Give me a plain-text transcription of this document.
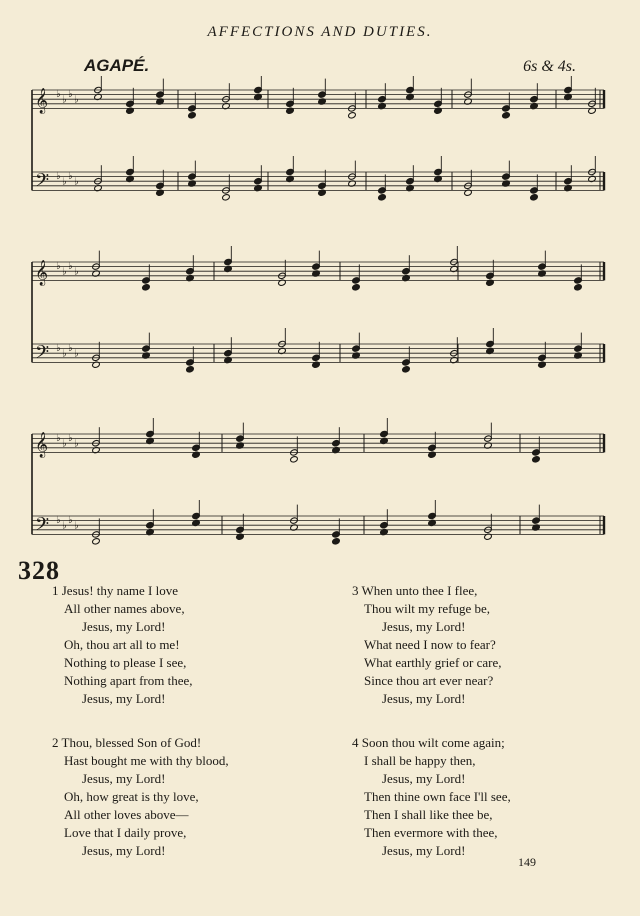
AFFECTIONS AND DUTIES.
AGAPÉ.	6s & 4s.
𝄞 ♭
♭
♭
♭
𝄢 ♭
♭
♭
♭
𝄞 ♭
♭
♭
♭
𝄢 ♭
♭
♭
♭
𝄞 ♭
♭
♭
♭
𝄢 ♭
♭
♭
♭
328
1 Jesus! thy name I love
All other names above,
Jesus, my Lord!
Oh, thou art all to me!
Nothing to please I see,
Nothing apart from thee,
Jesus, my Lord!
2 Thou, blessed Son of God!
Hast bought me with thy blood,
Jesus, my Lord!
Oh, how great is thy love,
All other loves above—
Love that I daily prove,
Jesus, my Lord!
3 When unto thee I flee,
Thou wilt my refuge be,
Jesus, my Lord!
What need I now to fear?
What earthly grief or care,
Since thou art ever near?
Jesus, my Lord!
4 Soon thou wilt come again;
I shall be happy then,
Jesus, my Lord!
Then thine own face I'll see,
Then I shall like thee be,
Then evermore with thee,
Jesus, my Lord!
149
